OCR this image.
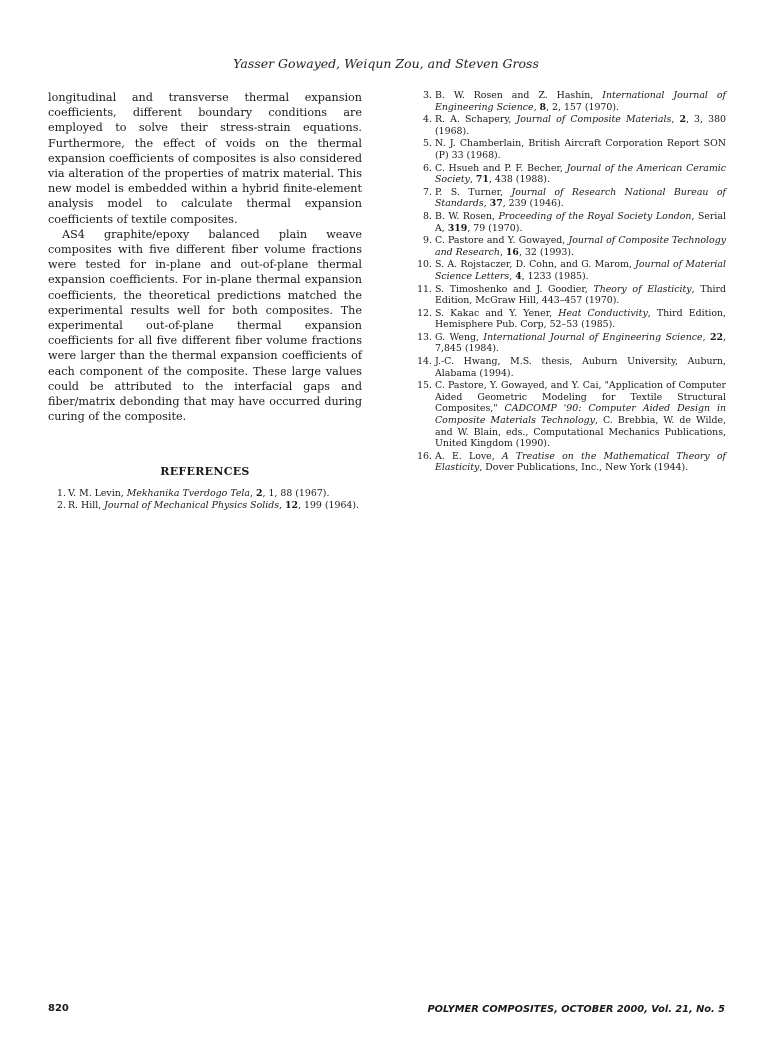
Yasser Gowayed, Weiqun Zou, and Steven Gross

longitudinal and transverse thermal expansion coefficients, different boundary conditions are employed to solve their stress-strain equations. Furthermore, the effect of voids on the thermal expansion coefficients of composites is also considered via alteration of the properties of matrix material. This new model is embedded within a hybrid finite-element analysis model to calculate thermal expansion coefficients of textile composites.

AS4 graphite/epoxy balanced plain weave composites with five different fiber volume fractions were tested for in-plane and out-of-plane thermal expansion coefficients. For in-plane thermal expansion coefficients, the theoretical predictions matched the experimental results well for both composites. The experimental out-of-plane thermal expansion coefficients for all five different fiber volume fractions were larger than the thermal expansion coefficients of each component of the composite. These large values could be attributed to the interfacial gaps and fiber/matrix debonding that may have occurred during curing of the composite.

REFERENCES
1. V. M. Levin, Mekhanika Tverdogo Tela, 2, 1, 88 (1967).
2. R. Hill, Journal of Mechanical Physics Solids, 12, 199 (1964).
3. B. W. Rosen and Z. Hashin, International Journal of Engineering Science, 8, 2, 157 (1970).
4. R. A. Schapery, Journal of Composite Materials, 2, 3, 380 (1968).
5. N. J. Chamberlain, British Aircraft Corporation Report SON (P) 33 (1968).
6. C. Hsueh and P. F. Becher, Journal of the American Ceramic Society, 71, 438 (1988).
7. P. S. Turner, Journal of Research National Bureau of Standards, 37, 239 (1946).
8. B. W. Rosen, Proceeding of the Royal Society London, Serial A, 319, 79 (1970).
9. C. Pastore and Y. Gowayed, Journal of Composite Technology and Research, 16, 32 (1993).
10. S. A. Rojstaczer, D. Cohn, and G. Marom, Journal of Material Science Letters, 4, 1233 (1985).
11. S. Timoshenko and J. Goodier, Theory of Elasticity, Third Edition, McGraw Hill, 443–457 (1970).
12. S. Kakac and Y. Yener, Heat Conductivity, Third Edition, Hemisphere Pub. Corp, 52–53 (1985).
13. G. Weng, International Journal of Engineering Science, 22, 7,845 (1984).
14. J.-C. Hwang, M.S. thesis, Auburn University, Auburn, Alabama (1994).
15. C. Pastore, Y. Gowayed, and Y. Cai, "Application of Computer Aided Geometric Modeling for Textile Structural Composites," CADCOMP '90: Computer Aided Design in Composite Materials Technology, C. Brebbia, W. de Wilde, and W. Blain, eds., Computational Mechanics Publications, United Kingdom (1990).
16. A. E. Love, A Treatise on the Mathematical Theory of Elasticity, Dover Publications, Inc., New York (1944).
820	POLYMER COMPOSITES, OCTOBER 2000, Vol. 21, No. 5
